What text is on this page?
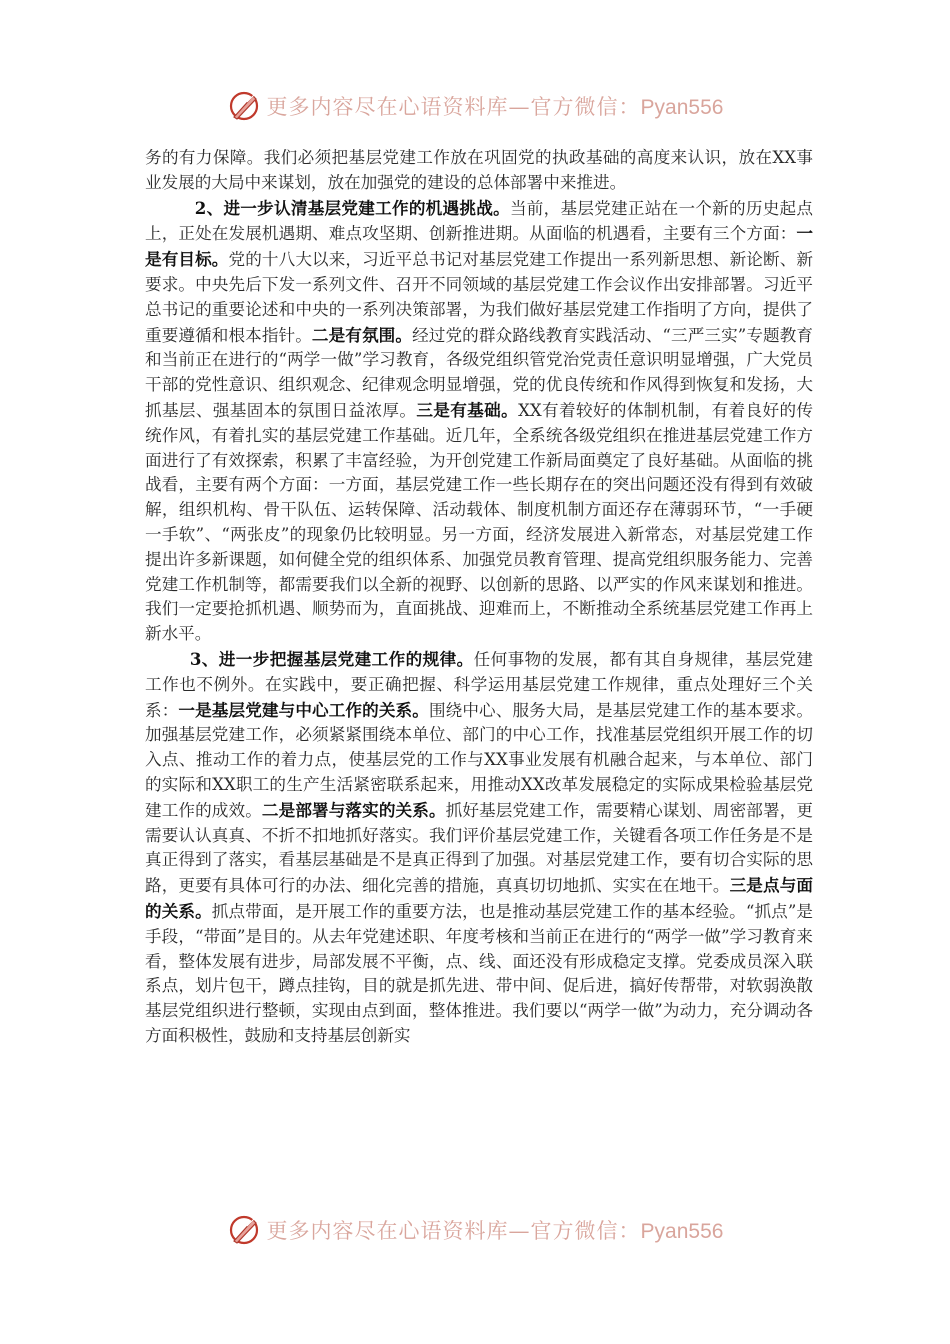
更多内容尽在心语资料库—官方微信：Pyan556

务的有力保障。我们必须把基层党建工作放在巩固党的执政基础的高度来认识，放在XX事业发展的大局中来谋划，放在加强党的建设的总体部署中来推进。

2、进一步认清基层党建工作的机遇挑战。当前，基层党建正站在一个新的历史起点上，正处在发展机遇期、难点攻坚期、创新推进期。从面临的机遇看，主要有三个方面：一是有目标。党的十八大以来，习近平总书记对基层党建工作提出一系列新思想、新论断、新要求。中央先后下发一系列文件、召开不同领域的基层党建工作会议作出安排部署。习近平总书记的重要论述和中央的一系列决策部署，为我们做好基层党建工作指明了方向，提供了重要遵循和根本指针。二是有氛围。经过党的群众路线教育实践活动、“三严三实”专题教育和当前正在进行的“两学一做”学习教育，各级党组织管党治党责任意识明显增强，广大党员干部的党性意识、组织观念、纪律观念明显增强，党的优良传统和作风得到恢复和发扬，大抓基层、强基固本的氛围日益浓厚。三是有基础。XX有着较好的体制机制，有着良好的传统作风，有着扎实的基层党建工作基础。近几年，全系统各级党组织在推进基层党建工作方面进行了有效探索，积累了丰富经验，为开创党建工作新局面奠定了良好基础。从面临的挑战看，主要有两个方面：一方面，基层党建工作一些长期存在的突出问题还没有得到有效破解，组织机构、骨干队伍、运转保障、活动载体、制度机制方面还存在薄弱环节，“一手硬一手软”、“两张皮”的现象仍比较明显。另一方面，经济发展进入新常态，对基层党建工作提出许多新课题，如何健全党的组织体系、加强党员教育管理、提高党组织服务能力、完善党建工作机制等，都需要我们以全新的视野、以创新的思路、以严实的作风来谋划和推进。我们一定要抢抓机遇、顺势而为，直面挑战、迎难而上，不断推动全系统基层党建工作再上新水平。

3、进一步把握基层党建工作的规律。任何事物的发展，都有其自身规律，基层党建工作也不例外。在实践中，要正确把握、科学运用基层党建工作规律，重点处理好三个关系：一是基层党建与中心工作的关系。围绕中心、服务大局，是基层党建工作的基本要求。加强基层党建工作，必须紧紧围绕本单位、部门的中心工作，找准基层党组织开展工作的切入点、推动工作的着力点，使基层党的工作与XX事业发展有机融合起来，与本单位、部门的实际和XX职工的生产生活紧密联系起来，用推动XX改革发展稳定的实际成果检验基层党建工作的成效。二是部署与落实的关系。抓好基层党建工作，需要精心谋划、周密部署，更需要认认真真、不折不扣地抓好落实。我们评价基层党建工作，关键看各项工作任务是不是真正得到了落实，看基层基础是不是真正得到了加强。对基层党建工作，要有切合实际的思路，更要有具体可行的办法、细化完善的措施，真真切切地抓、实实在在地干。三是点与面的关系。抓点带面，是开展工作的重要方法，也是推动基层党建工作的基本经验。“抓点”是手段，“带面”是目的。从去年党建述职、年度考核和当前正在进行的“两学一做”学习教育来看，整体发展有进步，局部发展不平衡，点、线、面还没有形成稳定支撑。党委成员深入联系点，划片包干，蹲点挂钩，目的就是抓先进、带中间、促后进，搞好传帮带，对软弱涣散基层党组织进行整顿，实现由点到面，整体推进。我们要以“两学一做”为动力，充分调动各方面积极性，鼓励和支持基层创新实

更多内容尽在心语资料库—官方微信：Pyan556
